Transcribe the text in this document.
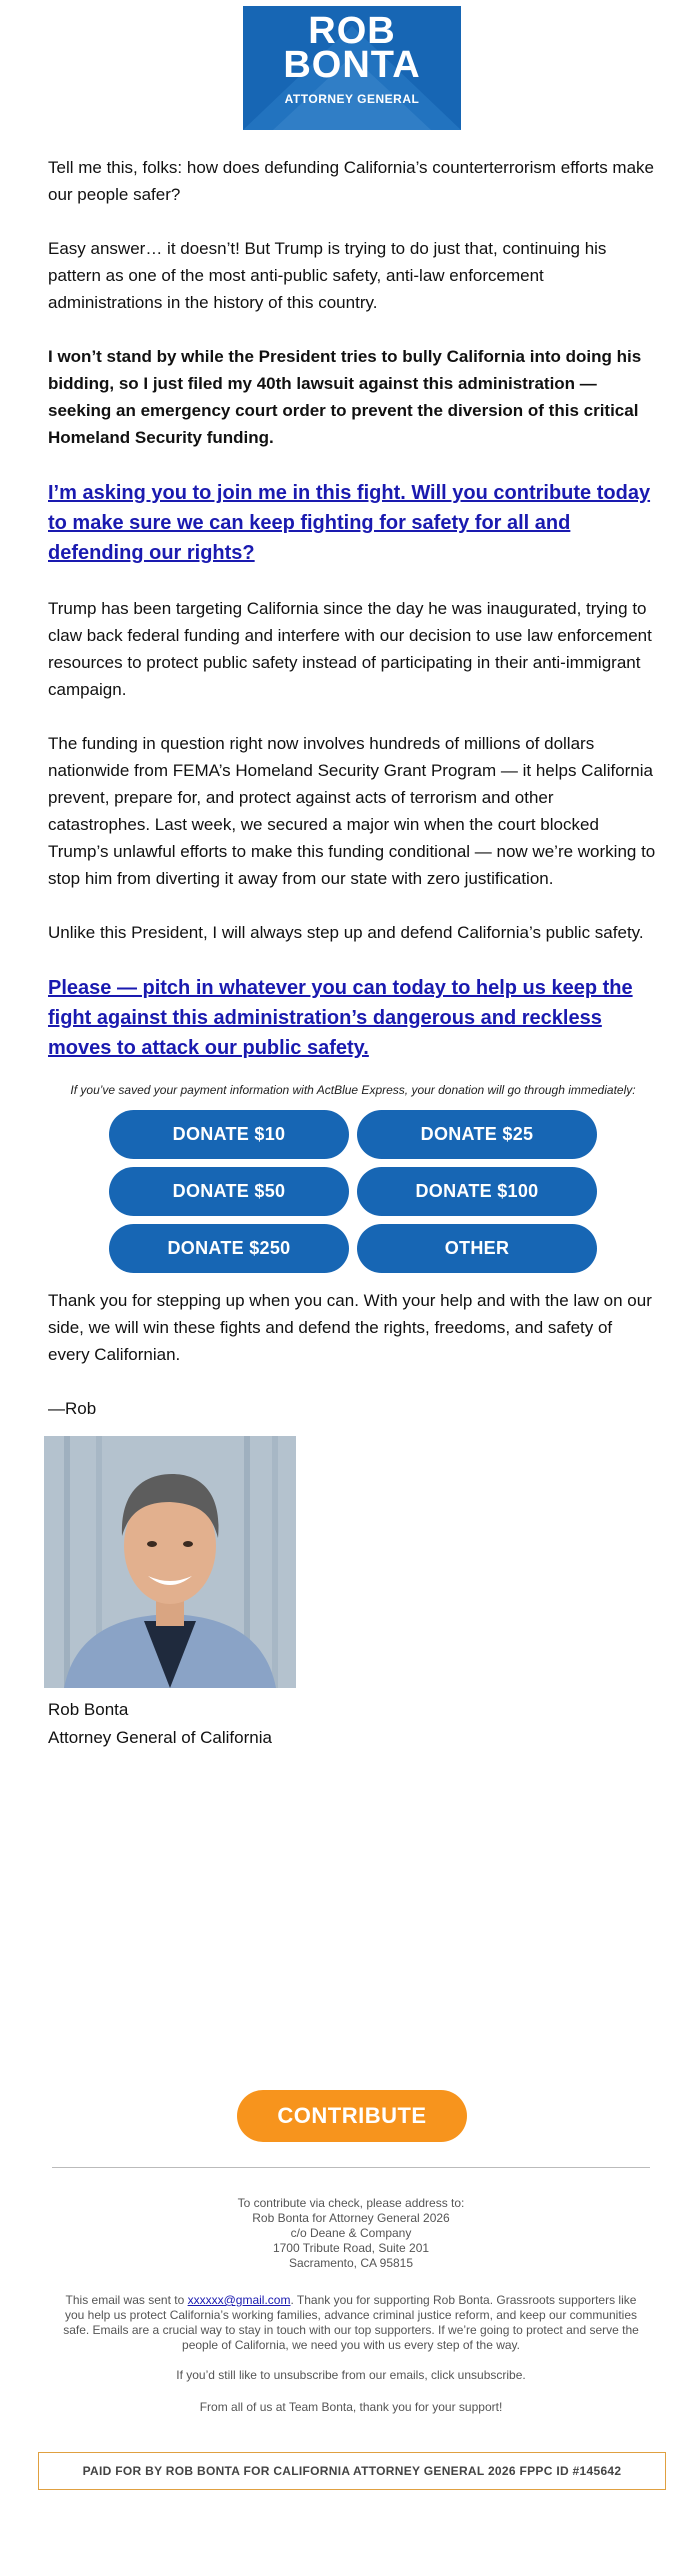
ROB
BONTA
ATTORNEY GENERAL

Tell me this, folks: how does defunding California’s counterterrorism efforts make our people safer?

Easy answer… it doesn’t! But Trump is trying to do just that, continuing his pattern as one of the most anti-public safety, anti-law enforcement administrations in the history of this country.

I won’t stand by while the President tries to bully California into doing his bidding, so I just filed my 40th lawsuit against this administration — seeking an emergency court order to prevent the diversion of this critical Homeland Security funding.

I’m asking you to join me in this fight. Will you contribute today to make sure we can keep fighting for safety for all and defending our rights?

Trump has been targeting California since the day he was inaugurated, trying to claw back federal funding and interfere with our decision to use law enforcement resources to protect public safety instead of participating in their anti-immigrant campaign.

The funding in question right now involves hundreds of millions of dollars nationwide from FEMA’s Homeland Security Grant Program — it helps California prevent, prepare for, and protect against acts of terrorism and other catastrophes. Last week, we secured a major win when the court blocked Trump’s unlawful efforts to make this funding conditional — now we’re working to stop him from diverting it away from our state with zero justification.

Unlike this President, I will always step up and defend California’s public safety.

Please — pitch in whatever you can today to help us keep the fight against this administration’s dangerous and reckless moves to attack our public safety.

If you’ve saved your payment information with ActBlue Express, your donation will go through immediately:
DONATE $10	DONATE $25
DONATE $50	DONATE $100
DONATE $250	OTHER

Thank you for stepping up when you can. With your help and with the law on our side, we will win these fights and defend the rights, freedoms, and safety of every Californian.

—Rob

Rob Bonta
Attorney General of California
CONTRIBUTE
To contribute via check, please address to:
Rob Bonta for Attorney General 2026
c/o Deane & Company
1700 Tribute Road, Suite 201
Sacramento, CA 95815
This email was sent to xxxxxx@gmail.com. Thank you for supporting Rob Bonta. Grassroots supporters like you help us protect California’s working families, advance criminal justice reform, and keep our communities safe. Emails are a crucial way to stay in touch with our top supporters. If we’re going to protect and serve the people of California, we need you with us every step of the way.
If you’d still like to unsubscribe from our emails, click unsubscribe.
From all of us at Team Bonta, thank you for your support!
PAID FOR BY ROB BONTA FOR CALIFORNIA ATTORNEY GENERAL 2026 FPPC ID #145642
